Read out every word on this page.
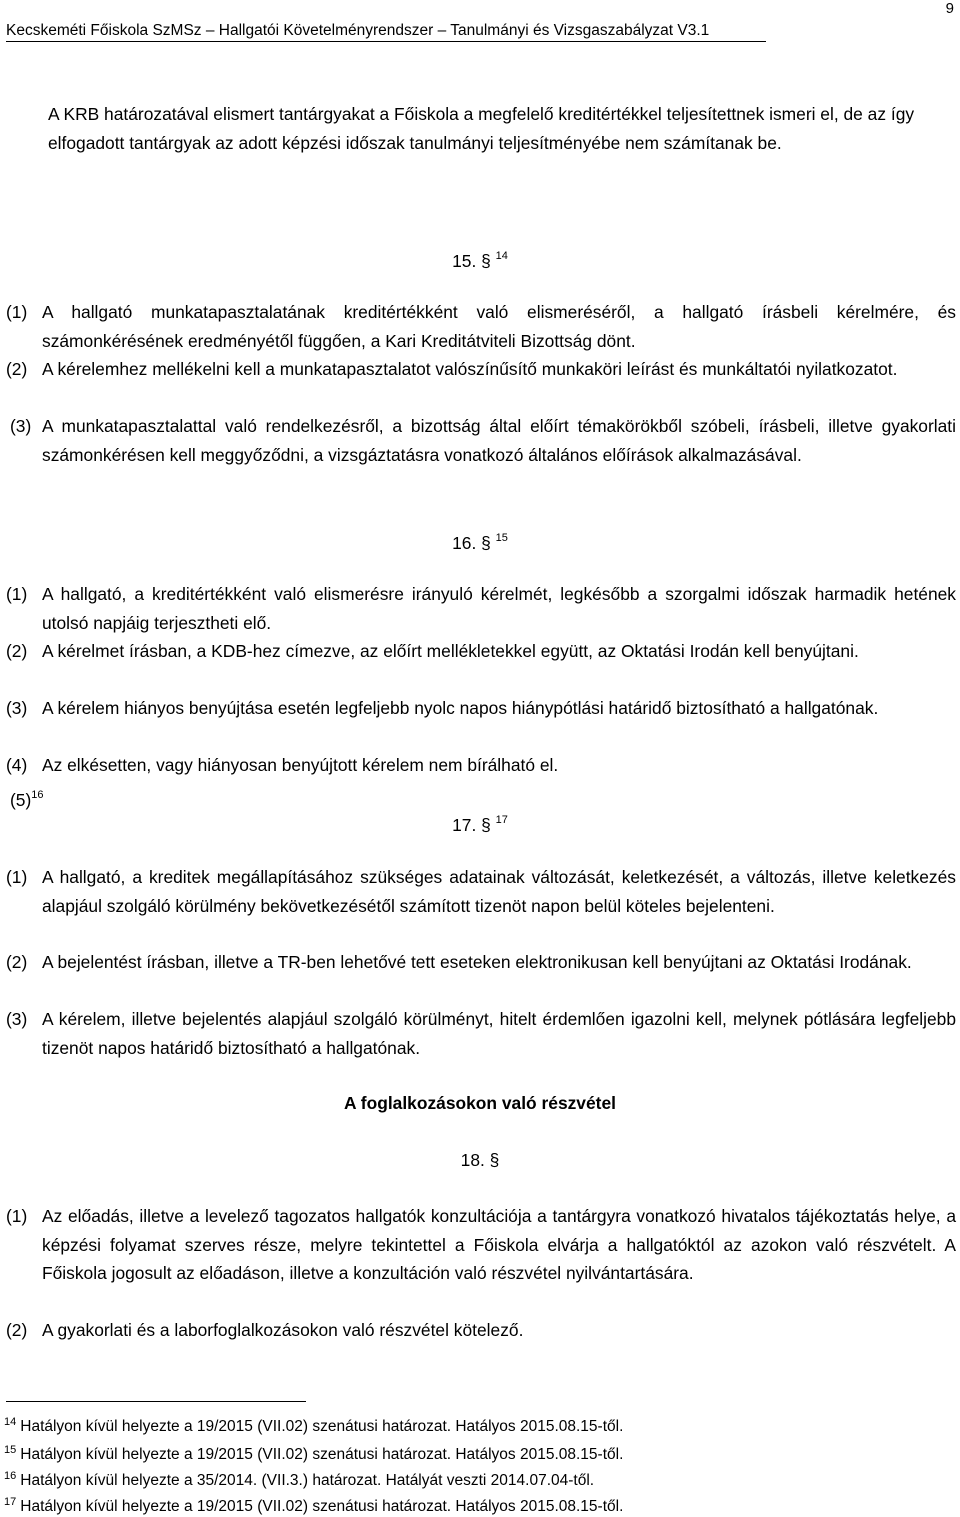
9
Kecskeméti Főiskola SzMSz – Hallgatói Követelményrendszer – Tanulmányi és Vizsgaszabályzat V3.1
A KRB határozatával elismert tantárgyakat a Főiskola a megfelelő kreditértékkel teljesítettnek ismeri el, de az így elfogadott tantárgyak az adott képzési időszak tanulmányi teljesítményébe nem számítanak be.
15. § $^{14}$
(1) A hallgató munkatapasztalatának kreditértékként való elismeréséről, a hallgató írásbeli kérelmére, és számonkérésének eredményétől függően, a Kari Kreditátviteli Bizottság dönt.
(2) A kérelemhez mellékelni kell a munkatapasztalatot valószínűsítő munkaköri leírást és munkáltatói nyilatkozatot.
(3) A munkatapasztalattal való rendelkezésről, a bizottság által előírt témakörökből szóbeli, írásbeli, illetve gyakorlati számonkérésen kell meggyőződni, a vizsgáztatásra vonatkozó általános előírások alkalmazásával.
16. § $^{15}$
(1) A hallgató, a kreditértékként való elismerésre irányuló kérelmét, legkésőbb a szorgalmi időszak harmadik hetének utolsó napjáig terjesztheti elő.
(2) A kérelmet írásban, a KDB-hez címezve, az előírt mellékletekkel együtt, az Oktatási Irodán kell benyújtani.
(3) A kérelem hiányos benyújtása esetén legfeljebb nyolc napos hiánypótlási határidő biztosítható a hallgatónak.
(4) Az elkésetten, vagy hiányosan benyújtott kérelem nem bírálható el.
$(5)^{16}$
17. § $^{17}$
(1) A hallgató, a kreditek megállapításához szükséges adatainak változását, keletkezését, a változás, illetve keletkezés alapjául szolgáló körülmény bekövetkezésétől számított tizenöt napon belül köteles bejelenteni.
(2) A bejelentést írásban, illetve a TR-ben lehetővé tett eseteken elektronikusan kell benyújtani az Oktatási Irodának.
(3) A kérelem, illetve bejelentés alapjául szolgáló körülményt, hitelt érdemlően igazolni kell, melynek pótlására legfeljebb tizenöt napos határidő biztosítható a hallgatónak.
A foglalkozásokon való részvétel
18. §
(1) Az előadás, illetve a levelező tagozatos hallgatók konzultációja a tantárgyra vonatkozó hivatalos tájékoztatás helye, a képzési folyamat szerves része, melyre tekintettel a Főiskola elvárja a hallgatóktól az azokon való részvételt. A Főiskola jogosult az előadáson, illetve a konzultáción való részvétel nyilvántartására.
(2) A gyakorlati és a laborfoglalkozásokon való részvétel kötelező.
$^{14}$ Hatályon kívül helyezte a 19/2015 (VII.02) szenátusi határozat. Hatályos 2015.08.15-től.
$^{15}$ Hatályon kívül helyezte a 19/2015 (VII.02) szenátusi határozat. Hatályos 2015.08.15-től.
$^{16}$ Hatályon kívül helyezte a 35/2014. (VII.3.) határozat. Hatályát veszti 2014.07.04-től.
$^{17}$ Hatályon kívül helyezte a 19/2015 (VII.02) szenátusi határozat. Hatályos 2015.08.15-től.
